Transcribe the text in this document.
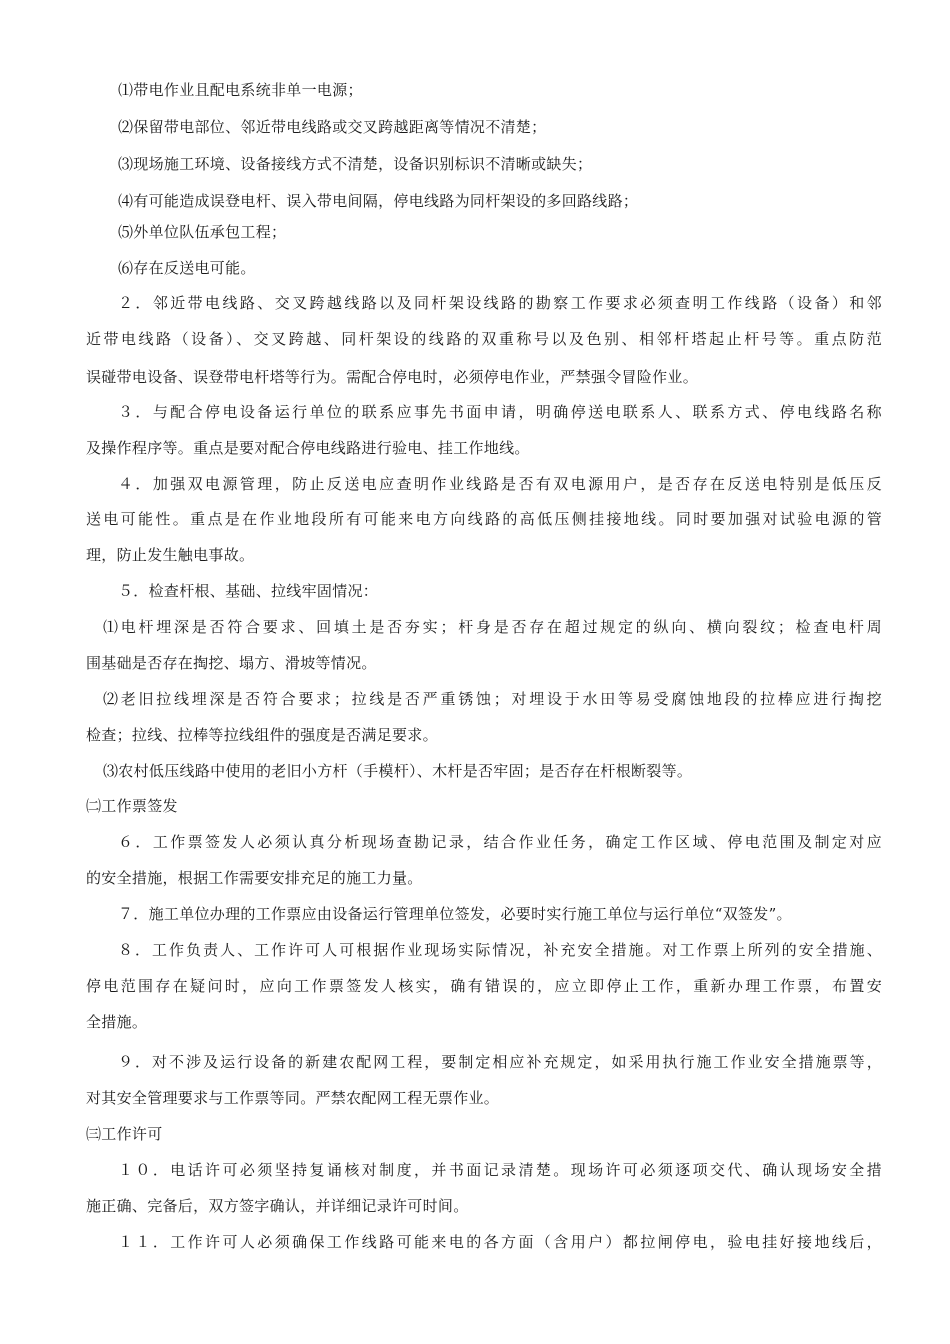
⑴带电作业且配电系统非单一电源；
⑵保留带电部位、邻近带电线路或交叉跨越距离等情况不清楚；
⑶现场施工环境、设备接线方式不清楚，设备识别标识不清晰或缺失；
⑷有可能造成误登电杆、误入带电间隔，停电线路为同杆架设的多回路线路；
⑸外单位队伍承包工程；
⑹存在反送电可能。
２．邻近带电线路、交叉跨越线路以及同杆架设线路的勘察工作要求必须查明工作线路（设备）和邻
近带电线路（设备）、交叉跨越、同杆架设的线路的双重称号以及色别、相邻杆塔起止杆号等。重点防范
误碰带电设备、误登带电杆塔等行为。需配合停电时，必须停电作业，严禁强令冒险作业。
３．与配合停电设备运行单位的联系应事先书面申请，明确停送电联系人、联系方式、停电线路名称
及操作程序等。重点是要对配合停电线路进行验电、挂工作地线。
４．加强双电源管理，防止反送电应查明作业线路是否有双电源用户，是否存在反送电特别是低压反
送电可能性。重点是在作业地段所有可能来电方向线路的高低压侧挂接地线。同时要加强对试验电源的管
理，防止发生触电事故。
５．检查杆根、基础、拉线牢固情况：
⑴电杆埋深是否符合要求、回填土是否夯实；杆身是否存在超过规定的纵向、横向裂纹；检查电杆周
围基础是否存在掏挖、塌方、滑坡等情况。
⑵老旧拉线埋深是否符合要求；拉线是否严重锈蚀；对埋设于水田等易受腐蚀地段的拉棒应进行掏挖
检查；拉线、拉棒等拉线组件的强度是否满足要求。
⑶农村低压线路中使用的老旧小方杆（手模杆）、木杆是否牢固；是否存在杆根断裂等。
㈡工作票签发
６．工作票签发人必须认真分析现场查勘记录，结合作业任务，确定工作区域、停电范围及制定对应
的安全措施，根据工作需要安排充足的施工力量。
７．施工单位办理的工作票应由设备运行管理单位签发，必要时实行施工单位与运行单位“双签发”。
８．工作负责人、工作许可人可根据作业现场实际情况，补充安全措施。对工作票上所列的安全措施、
停电范围存在疑问时，应向工作票签发人核实，确有错误的，应立即停止工作，重新办理工作票，布置安
全措施。
９．对不涉及运行设备的新建农配网工程，要制定相应补充规定，如采用执行施工作业安全措施票等，
对其安全管理要求与工作票等同。严禁农配网工程无票作业。
㈢工作许可
１０．电话许可必须坚持复诵核对制度，并书面记录清楚。现场许可必须逐项交代、确认现场安全措
施正确、完备后，双方签字确认，并详细记录许可时间。
１１．工作许可人必须确保工作线路可能来电的各方面（含用户）都拉闸停电，验电挂好接地线后，
